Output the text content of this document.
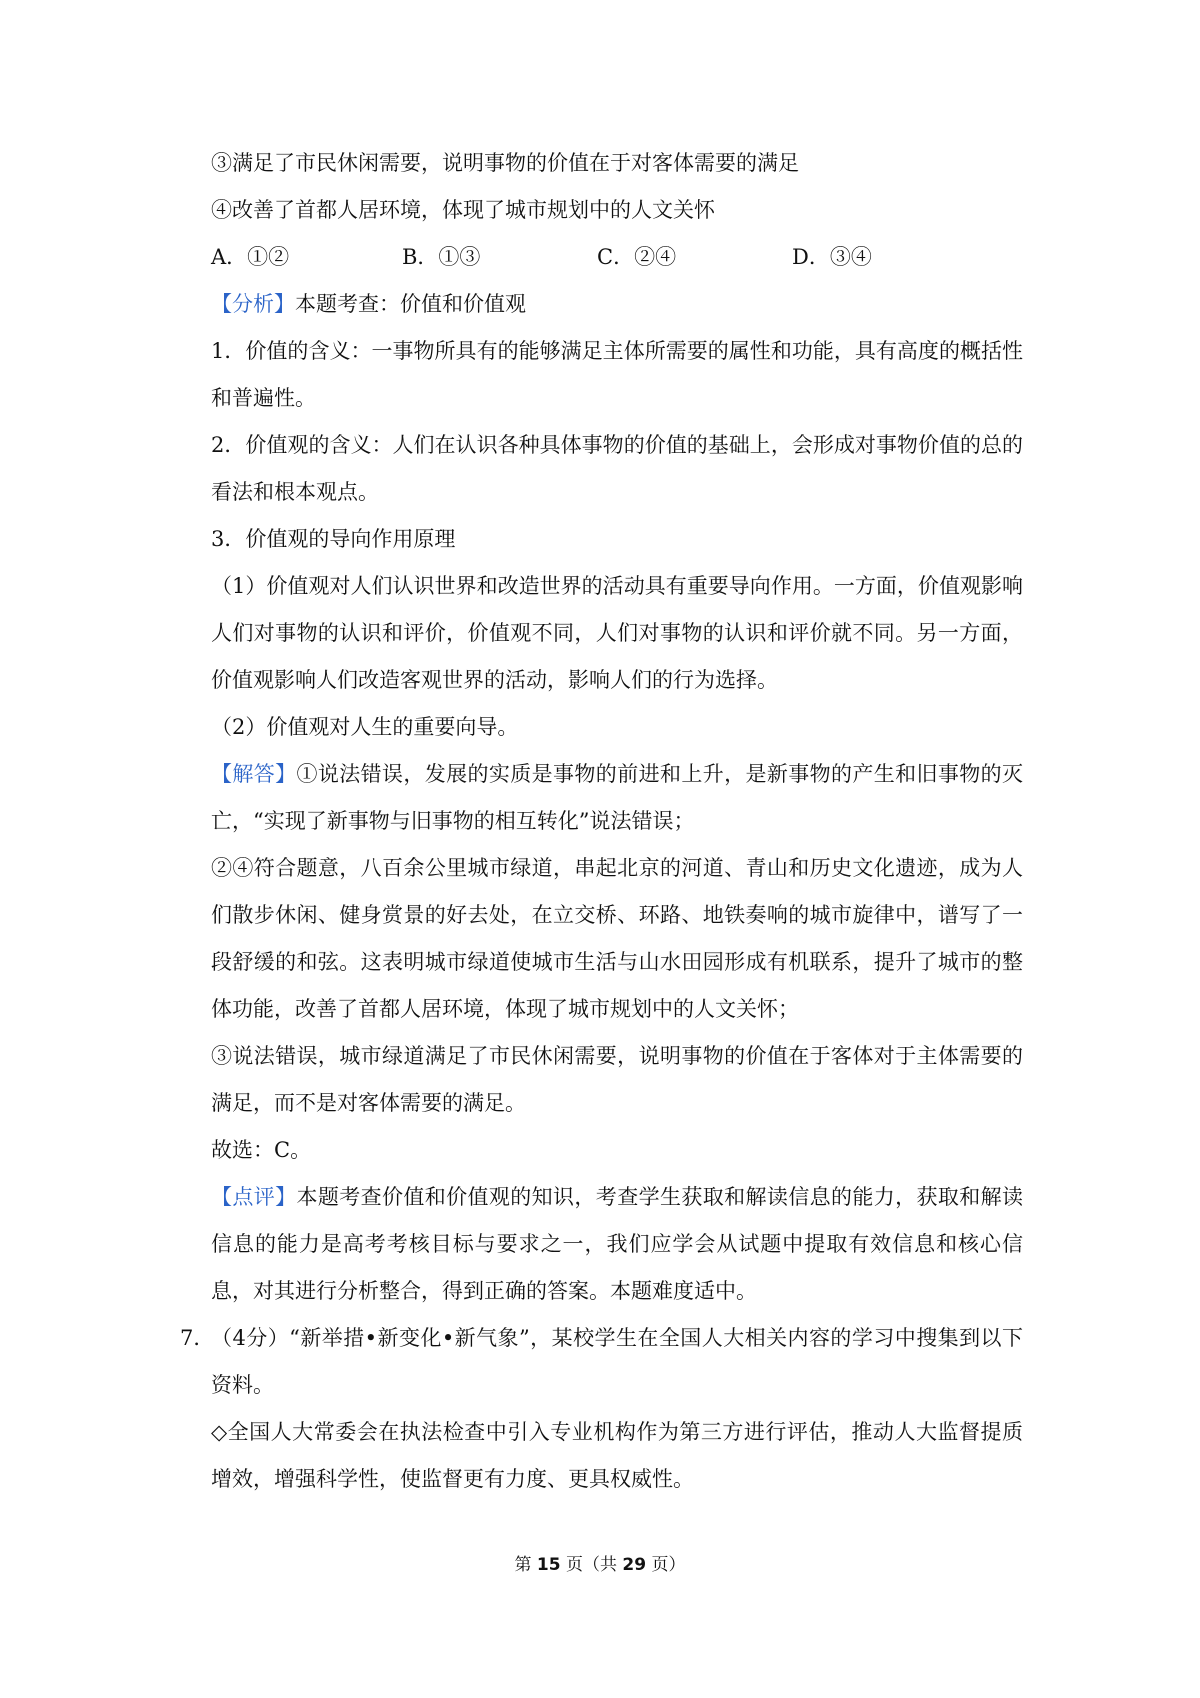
③满足了市民休闲需要，说明事物的价值在于对客体需要的满足

④改善了首都人居环境，体现了城市规划中的人文关怀

A．①②	B．①③	C．②④	D．③④

【分析】本题考查：价值和价值观

1．价值的含义：一事物所具有的能够满足主体所需要的属性和功能，具有高度的概括性和普遍性。

2．价值观的含义：人们在认识各种具体事物的价值的基础上，会形成对事物价值的总的看法和根本观点。

3．价值观的导向作用原理

（1）价值观对人们认识世界和改造世界的活动具有重要导向作用。一方面，价值观影响人们对事物的认识和评价，价值观不同，人们对事物的认识和评价就不同。另一方面，价值观影响人们改造客观世界的活动，影响人们的行为选择。

（2）价值观对人生的重要向导。

【解答】①说法错误，发展的实质是事物的前进和上升，是新事物的产生和旧事物的灭亡，“实现了新事物与旧事物的相互转化”说法错误；

②④符合题意，八百余公里城市绿道，串起北京的河道、青山和历史文化遗迹，成为人们散步休闲、健身赏景的好去处，在立交桥、环路、地铁奏响的城市旋律中，谱写了一段舒缓的和弦。这表明城市绿道使城市生活与山水田园形成有机联系，提升了城市的整体功能，改善了首都人居环境，体现了城市规划中的人文关怀；

③说法错误，城市绿道满足了市民休闲需要，说明事物的价值在于客体对于主体需要的满足，而不是对客体需要的满足。

故选：C。

【点评】本题考查价值和价值观的知识，考查学生获取和解读信息的能力，获取和解读信息的能力是高考考核目标与要求之一，我们应学会从试题中提取有效信息和核心信息，对其进行分析整合，得到正确的答案。本题难度适中。

7．

（4分）“新举措•新变化•新气象”，某校学生在全国人大相关内容的学习中搜集到以下资料。

◇全国人大常委会在执法检查中引入专业机构作为第三方进行评估，推动人大监督提质增效，增强科学性，使监督更有力度、更具权威性。

第 15 页（共 29 页）
